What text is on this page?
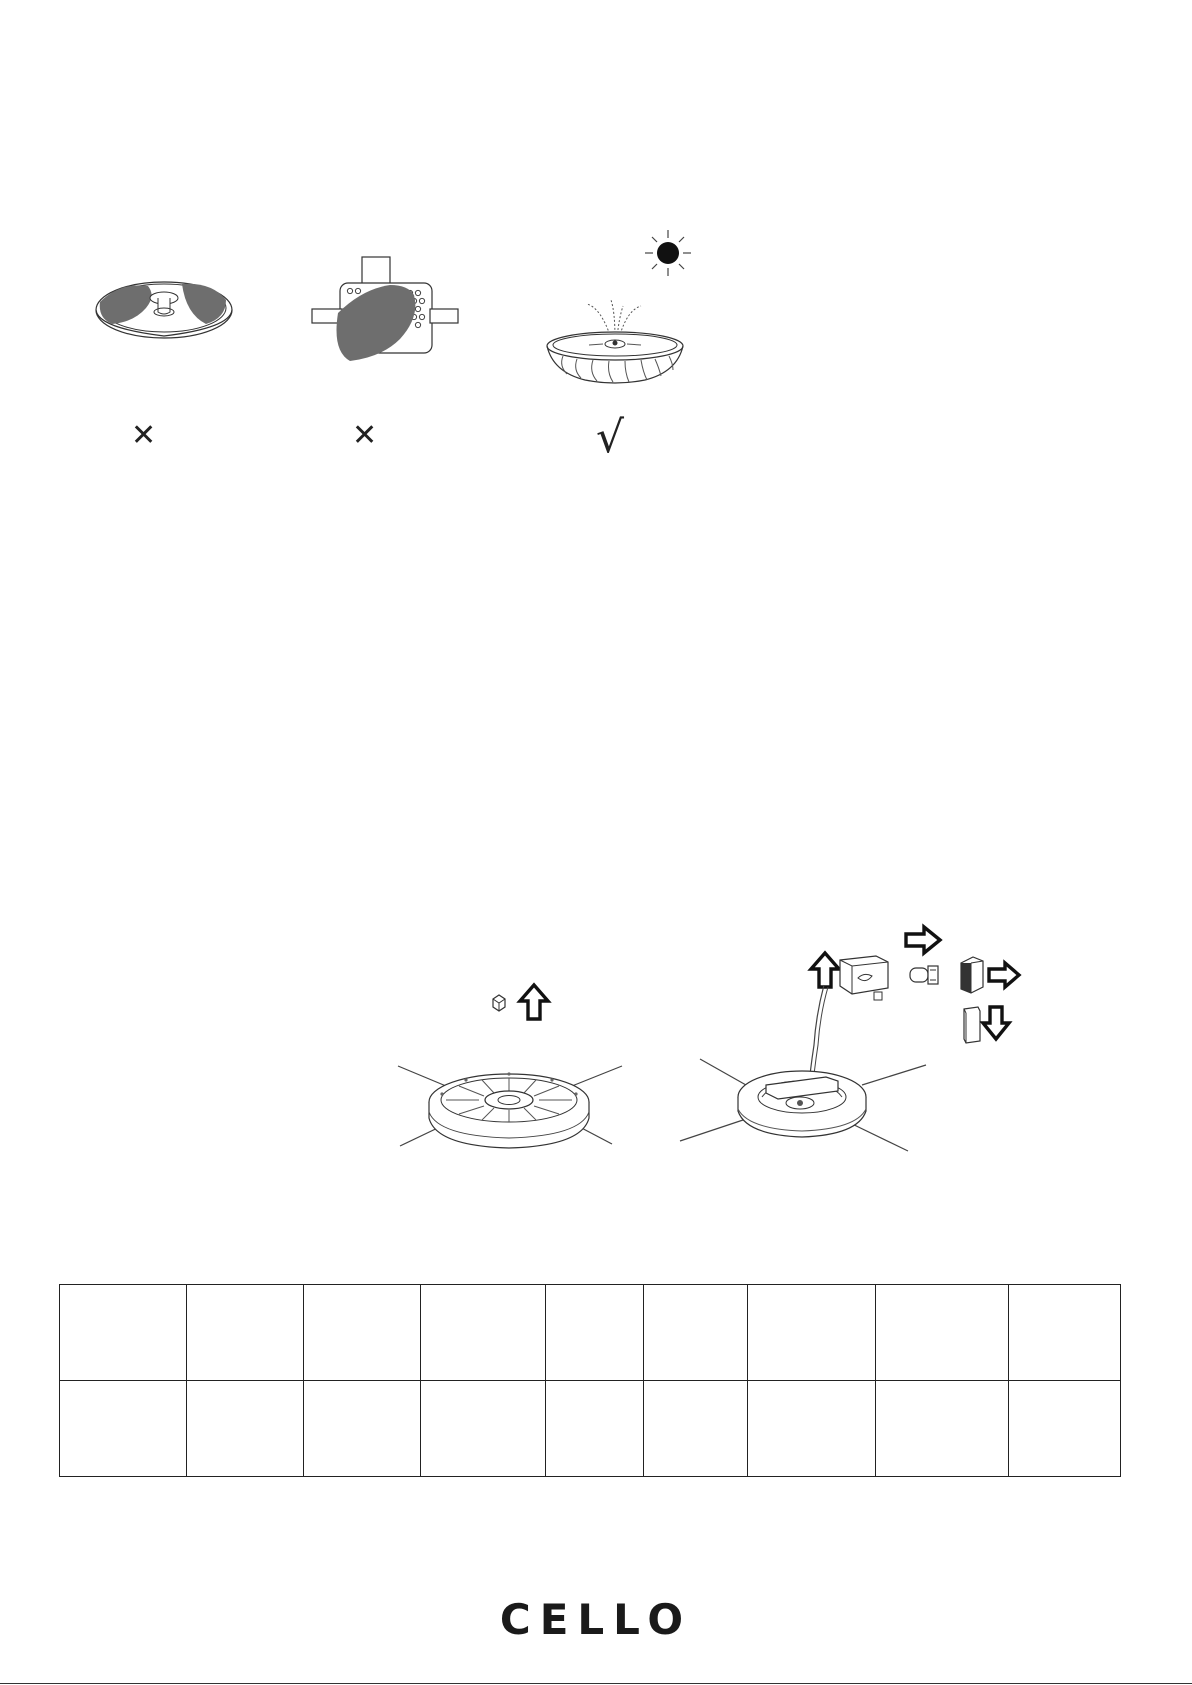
✕	✕	√

CELLO
